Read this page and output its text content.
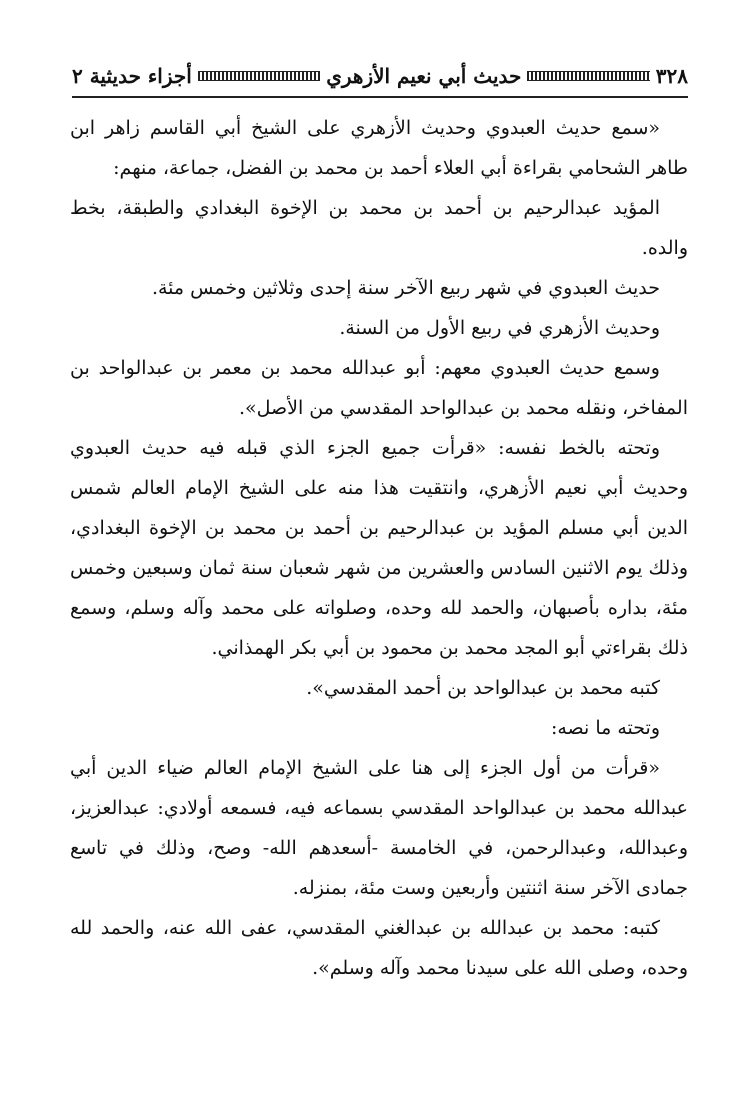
٣٢٨
حديث أبي نعيم الأزهري
أجزاء حديثية ٢

«سمع حديث العبدوي وحديث الأزهري على الشيخ أبي القاسم زاهر ابن طاهر الشحامي بقراءة أبي العلاء أحمد بن محمد بن الفضل، جماعة، منهم:

المؤيد عبدالرحيم بن أحمد بن محمد بن الإخوة البغدادي والطبقة، بخط والده.

حديث العبدوي في شهر ربيع الآخر سنة إحدى وثلاثين وخمس مئة.

وحديث الأزهري في ربيع الأول من السنة.

وسمع حديث العبدوي معهم: أبو عبدالله محمد بن معمر بن عبدالواحد بن المفاخر، ونقله محمد بن عبدالواحد المقدسي من الأصل».

وتحته بالخط نفسه: «قرأت جميع الجزء الذي قبله فيه حديث العبدوي وحديث أبي نعيم الأزهري، وانتقيت هذا منه على الشيخ الإمام العالم شمس الدين أبي مسلم المؤيد بن عبدالرحيم بن أحمد بن محمد بن الإخوة البغدادي، وذلك يوم الاثنين السادس والعشرين من شهر شعبان سنة ثمان وسبعين وخمس مئة، بداره بأصبهان، والحمد لله وحده، وصلواته على محمد وآله وسلم، وسمع ذلك بقراءتي أبو المجد محمد بن محمود بن أبي بكر الهمذاني.

كتبه محمد بن عبدالواحد بن أحمد المقدسي».

وتحته ما نصه:

«قرأت من أول الجزء إلى هنا على الشيخ الإمام العالم ضياء الدين أبي عبدالله محمد بن عبدالواحد المقدسي بسماعه فيه، فسمعه أولادي: عبدالعزيز، وعبدالله، وعبدالرحمن، في الخامسة -أسعدهم الله- وصح، وذلك في تاسع جمادى الآخر سنة اثنتين وأربعين وست مئة، بمنزله.

كتبه: محمد بن عبدالله بن عبدالغني المقدسي، عفى الله عنه، والحمد لله وحده، وصلى الله على سيدنا محمد وآله وسلم».
